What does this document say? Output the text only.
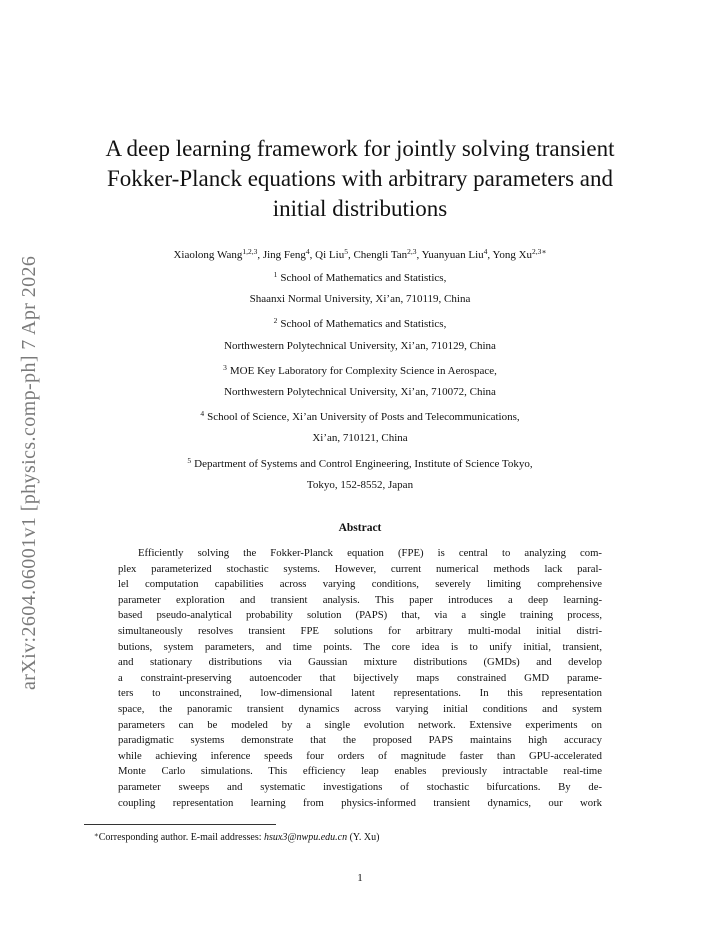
arXiv:2604.06001v1 [physics.comp-ph] 7 Apr 2026
A deep learning framework for jointly solving transient
Fokker-Planck equations with arbitrary parameters and
initial distributions
Xiaolong Wang$^{1,2,3}$, Jing Feng$^4$, Qi Liu$^5$, Chengli Tan$^{2,3}$, Yuanyuan Liu$^4$, Yong $Xu^{2,3∗}$
$^1$ School of Mathematics and Statistics,
Shaanxi Normal University, Xi’an, 710119, China
$^2$ School of Mathematics and Statistics,
Northwestern Polytechnical University, Xi’an, 710129, China
$^3$ MOE Key Laboratory for Complexity Science in Aerospace,
Northwestern Polytechnical University, Xi’an, 710072, China
$^4$ School of Science, Xi’an University of Posts and Telecommunications,
Xi’an, 710121, China
$^5$ Department of Systems and Control Engineering, Institute of Science Tokyo,
Tokyo, 152-8552, Japan
Abstract
Efficiently solving the Fokker-Planck equation (FPE) is central to analyzing com-
plex parameterized stochastic systems. However, current numerical methods lack paral-
lel computation capabilities across varying conditions, severely limiting comprehensive
parameter exploration and transient analysis. This paper introduces a deep learning-
based pseudo-analytical probability solution (PAPS) that, via a single training process,
simultaneously resolves transient FPE solutions for arbitrary multi-modal initial distri-
butions, system parameters, and time points. The core idea is to unify initial, transient,
and stationary distributions via Gaussian mixture distributions (GMDs) and develop
a constraint-preserving autoencoder that bijectively maps constrained GMD parame-
ters to unconstrained, low-dimensional latent representations. In this representation
space, the panoramic transient dynamics across varying initial conditions and system
parameters can be modeled by a single evolution network. Extensive experiments on
paradigmatic systems demonstrate that the proposed PAPS maintains high accuracy
while achieving inference speeds four orders of magnitude faster than GPU-accelerated
Monte Carlo simulations. This efficiency leap enables previously intractable real-time
parameter sweeps and systematic investigations of stochastic bifurcations. By de-
coupling representation learning from physics-informed transient dynamics, our work
∗Corresponding author. E-mail addresses: hsux3@nwpu.edu.cn (Y. Xu)
1
